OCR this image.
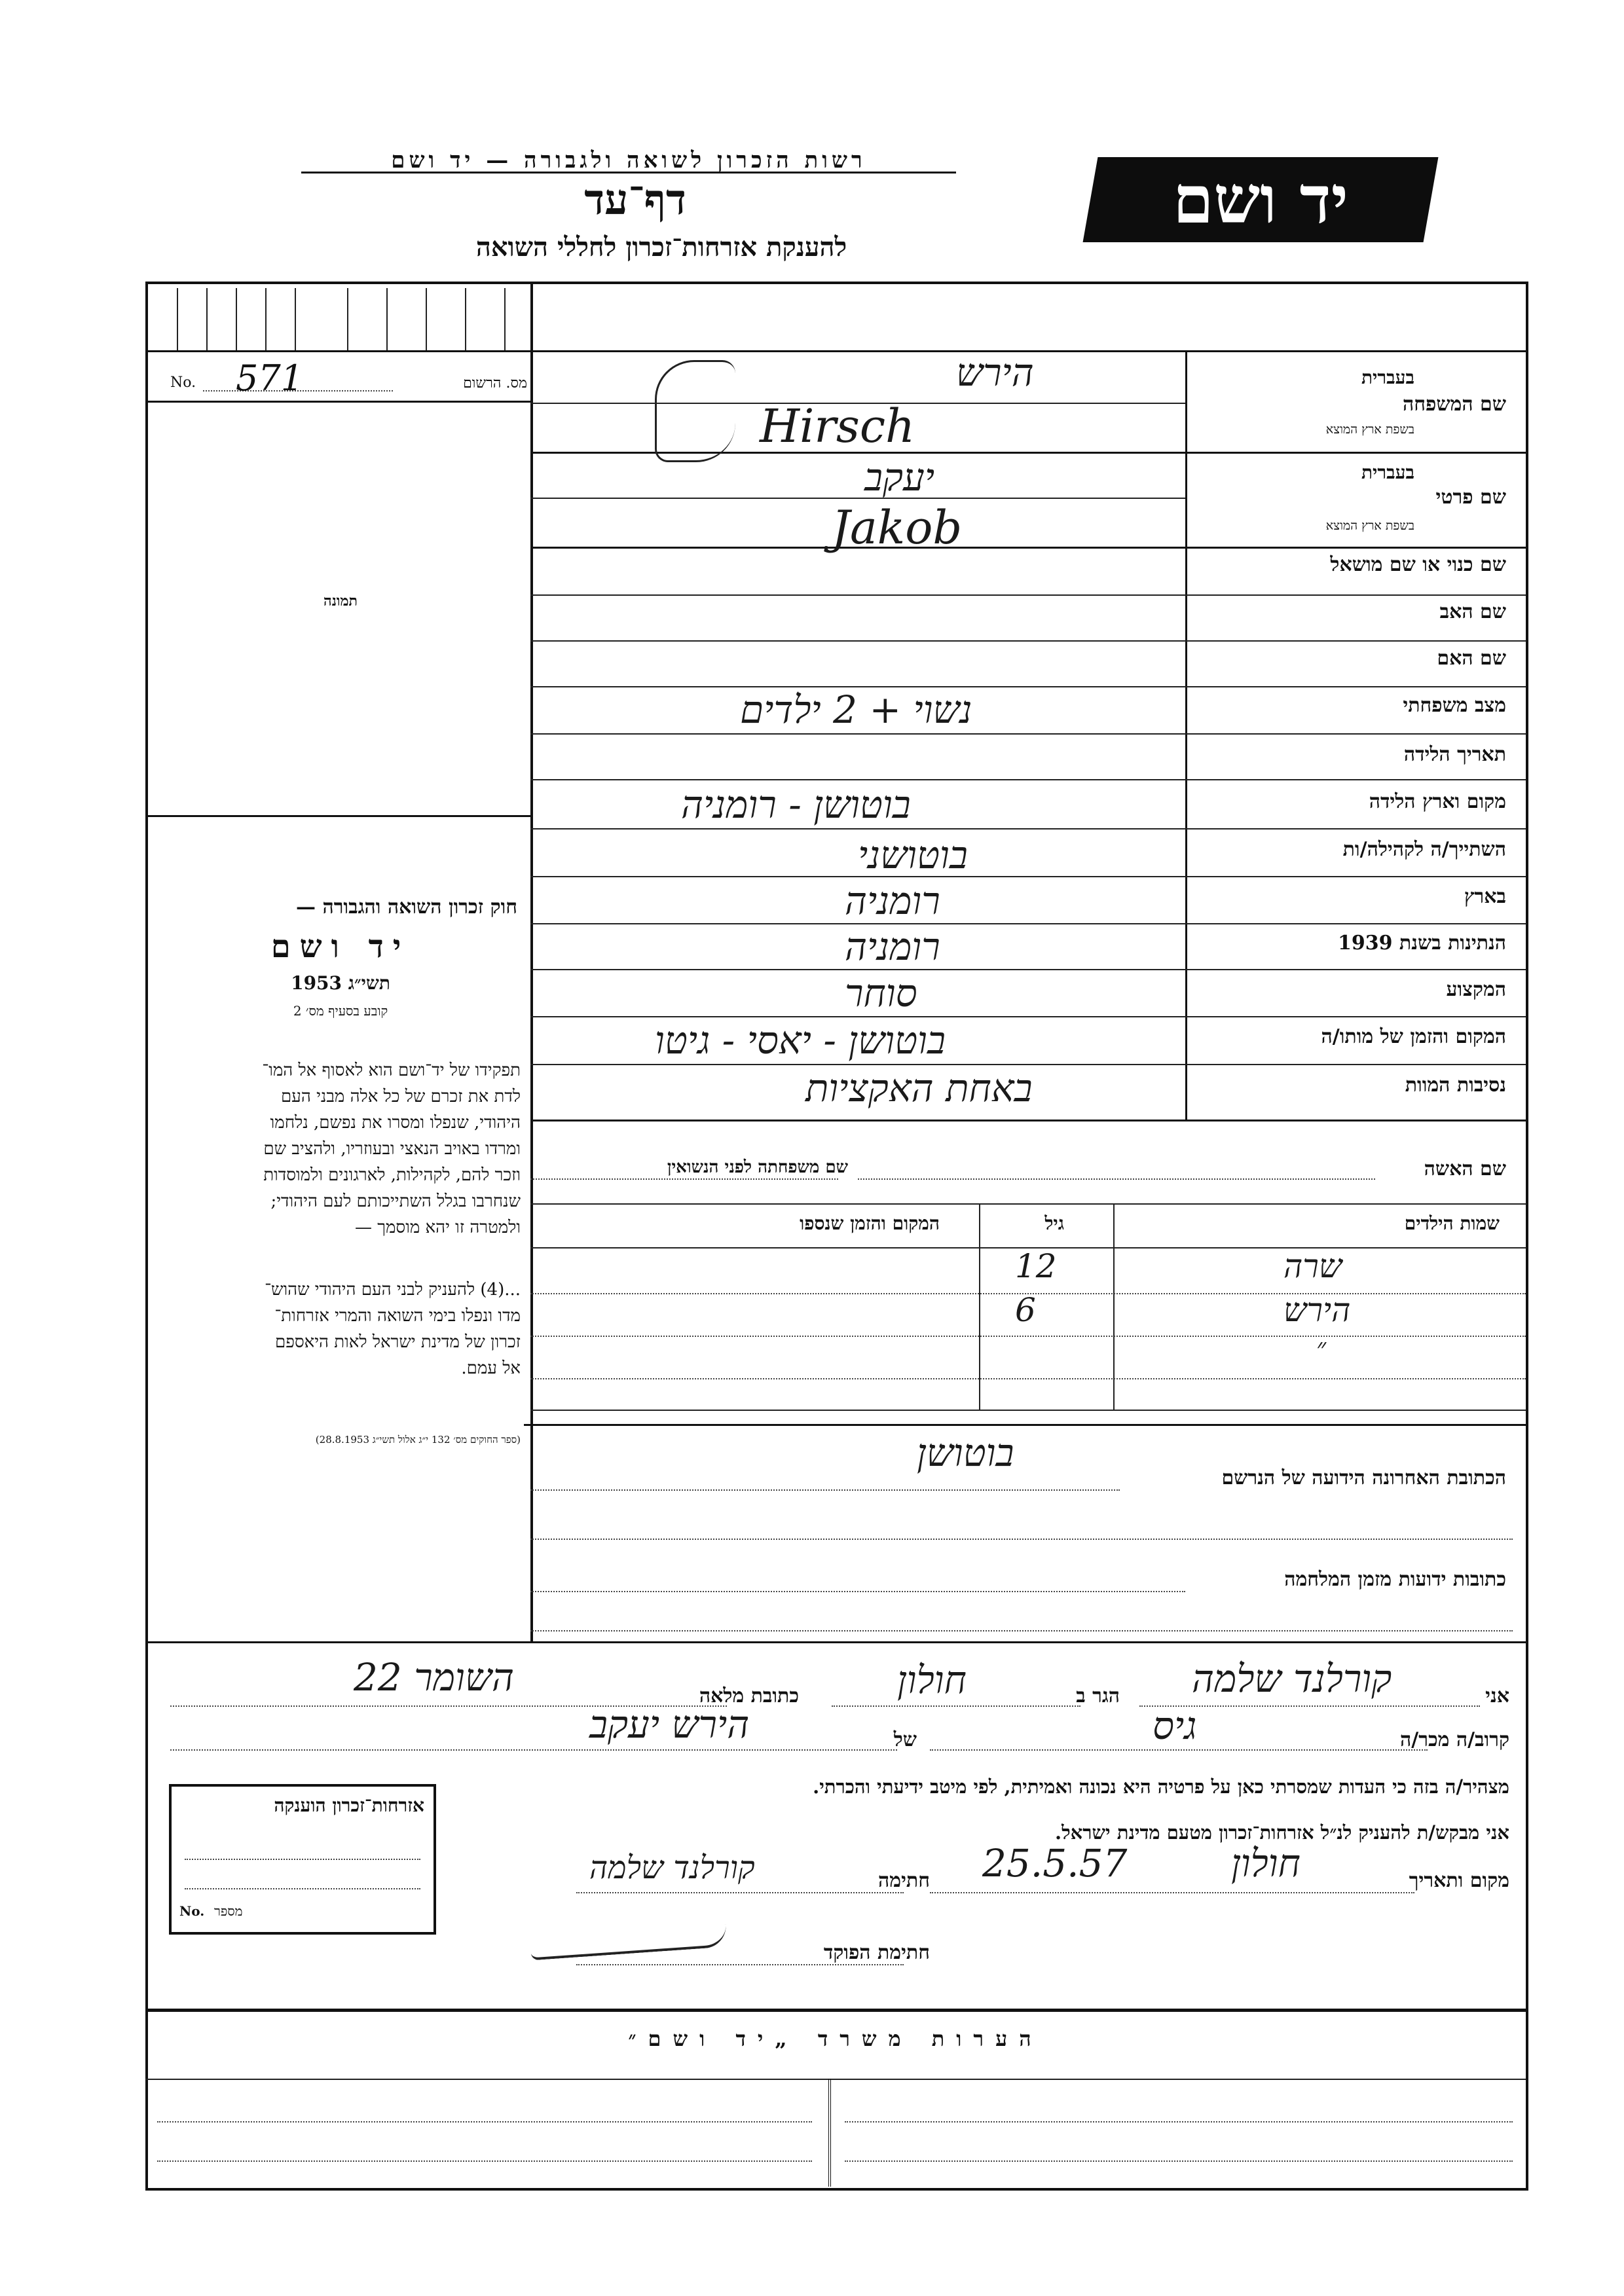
רשות הזכרון לשואה ולגבורה — יד ושם
יד ושם
דף־עד
להענקת אזרחות־זכרון לחללי השואה
No. 571	מס. הרשום
תמונה
חוק זכרון השואה והגבורה —
יד ושם
תשי״ג 1953
קובע בסעיף מס׳ 2
תפקידו של יד־ושם הוא לאסוף אל המו־
לדת את זכרם של כל אלה מבני העם
היהודי, שנפלו ומסרו את נפשם, נלחמו
ומרדו באויב הנאצי ובעוזריו, ולהציב שם
וזכר להם, לקהילות, לארגונים ולמוסדות
שנחרבו בגלל השתייכותם לעם היהודי;
ולמטרה זו יהא מוסמך —
...(4) להעניק לבני העם היהודי שהוש־
מדו ונפלו בימי השואה והמרי אזרחות־
זכרון של מדינת ישראל לאות היאספם
אל עמם.
(ספר החוקים מס׳ 132 י״ג אלול תשי״ג 28.8.1953)
שם המשפחה
בעברית
בשפת ארץ המוצא
הירש
Hirsch
שם פרטי
בעברית
בשפת ארץ המוצא
יעקב
Jakob
שם כנוי או שם מושאל
שם האב
שם האם
מצב משפחתי
נשוי + 2 ילדים
תאריך הלידה
מקום וארץ הלידה
בוטושן - רומניה
השתייך/ה לקהילה/ות
בוטושני
בארץ
רומניה
הנתינות בשנת 1939
רומניה
המקצוע
סוחר
המקום והזמן של מותו/ה
בוטושן - יאסי - גיטו
נסיבות המוות
באחת האקציות
שם האשה
שם משפחתה לפני הנשואין
שמות הילדים
גיל
המקום והזמן שנספו
שרה
12
הירש
6
״
בוטושן
הכתובת האחרונה הידועה של הנרשם
כתובות ידועות מזמן המלחמה
אני
קורלנד שלמה
הגר ב
חולון
כתובת מלאה
השומר 22
קרוב/ה מכר/ה
גיס
של
הירש יעקב
מצהיר/ה בזה כי העדות שמסרתי כאן על פרטיה היא נכונה ואמיתית, לפי מיטב ידיעתי והכרתי.
אני מבקש/ת להעניק לנ״ל אזרחות־זכרון מטעם מדינת ישראל.
מקום ותאריך
חולון
25.5.57
חתימה
קורלנד שלמה
חתימת הפוקד
אזרחות־זכרון הוענקה
No. מספר
הערות משרד „יד ושם״
